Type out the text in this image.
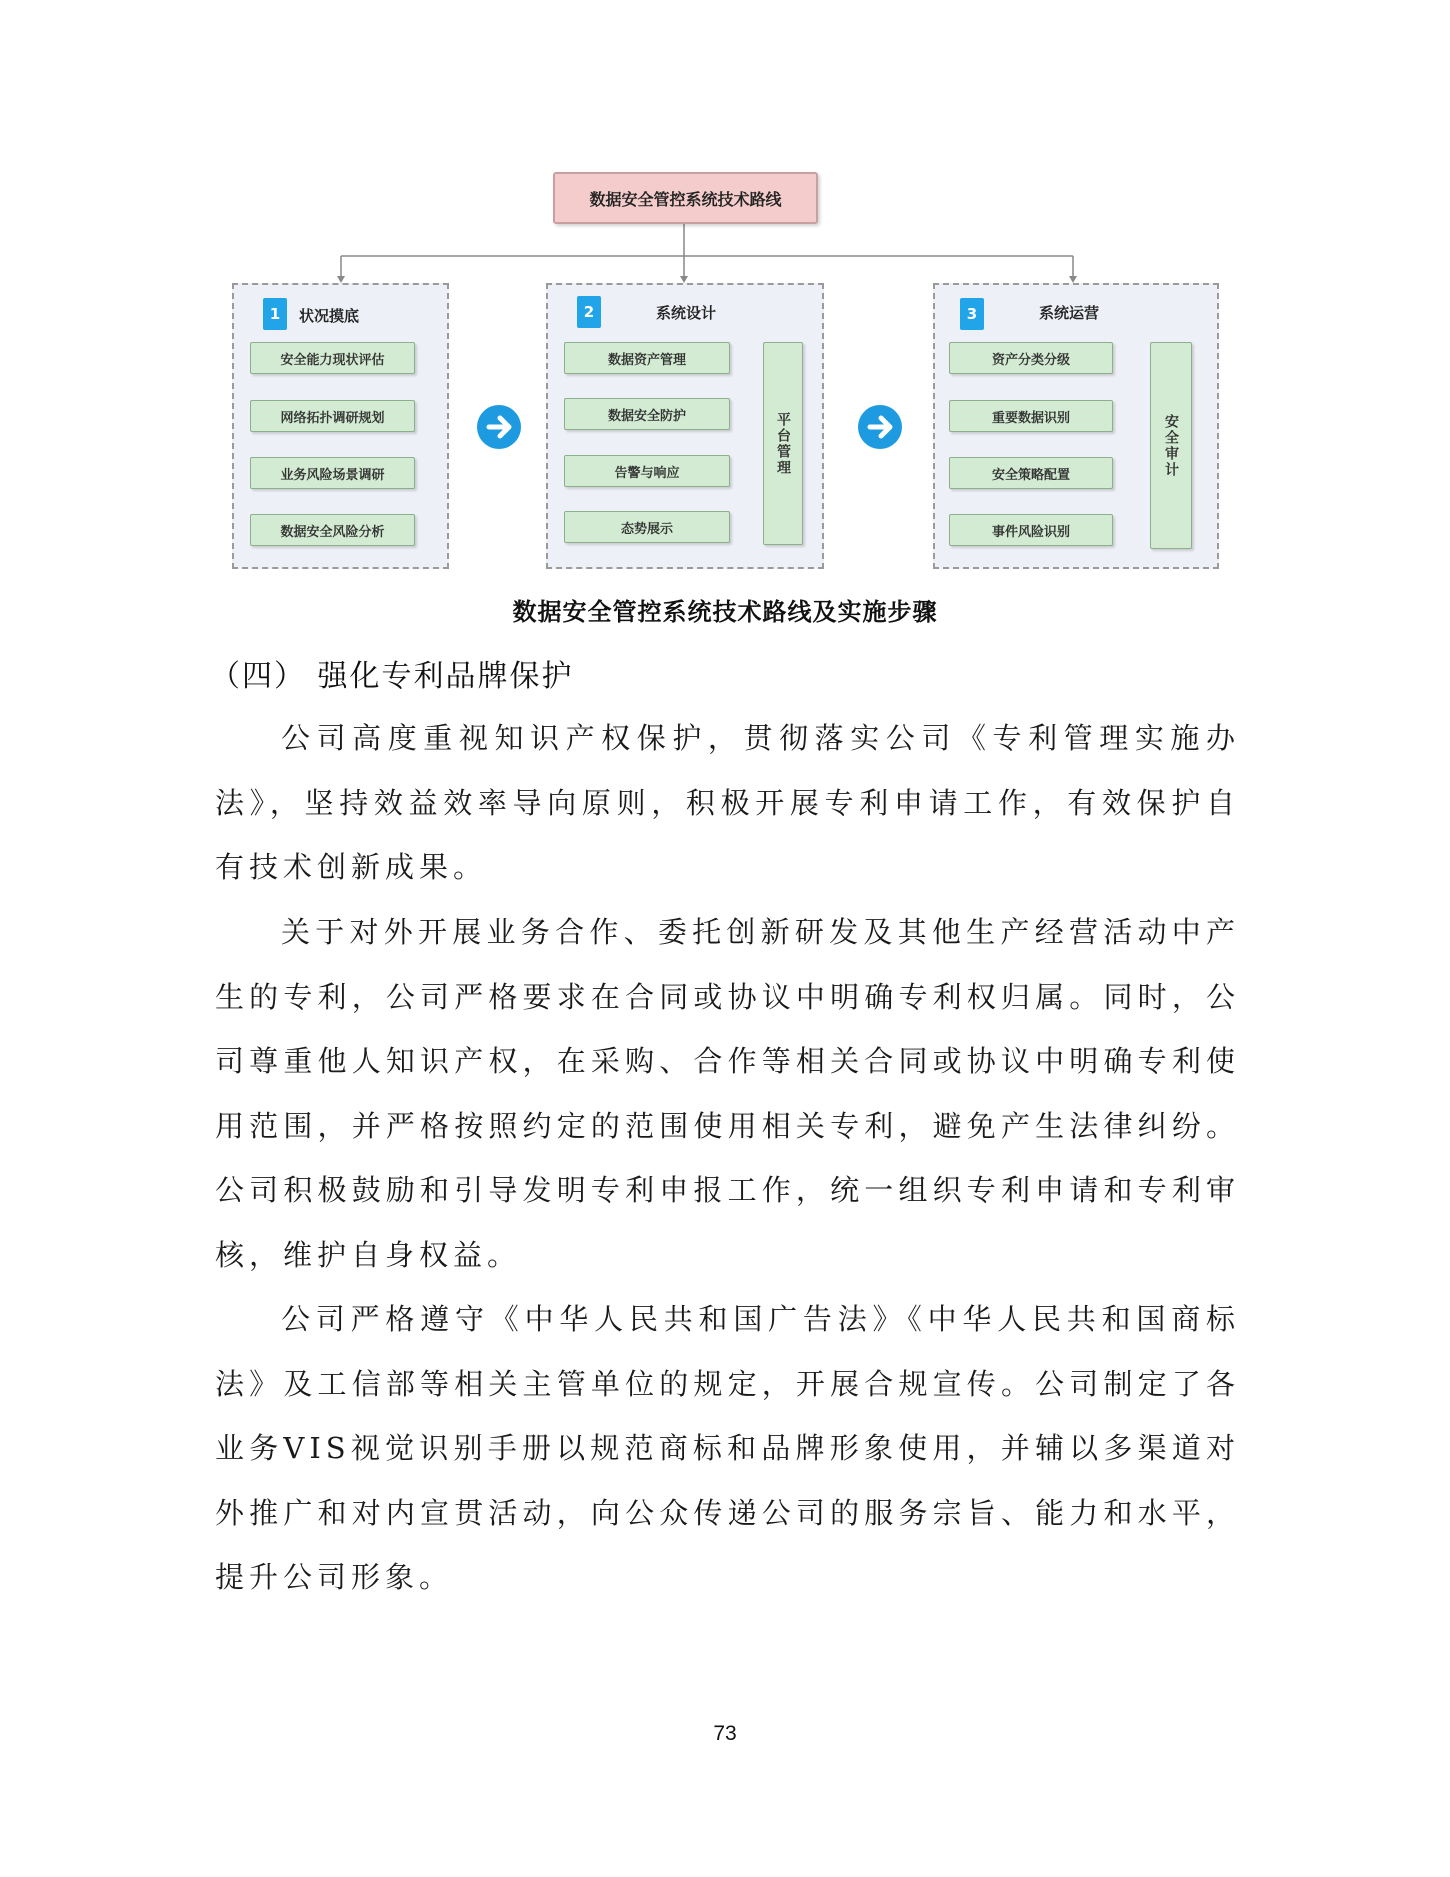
数据安全管控系统技术路线
1	状况摸底
安全能力现状评估
网络拓扑调研规划
业务风险场景调研
数据安全风险分析
2	系统设计
数据资产管理
数据安全防护
告警与响应
态势展示
平台管理
3	系统运营
资产分类分级
重要数据识别
安全策略配置
事件风险识别
安全审计
数据安全管控系统技术路线及实施步骤
（四） 强化专利品牌保护

公司高度重视知识产权保护，贯彻落实公司《专利管理实施办法》，坚持效益效率导向原则，积极开展专利申请工作，有效保护自有技术创新成果。

关于对外开展业务合作、委托创新研发及其他生产经营活动中产生的专利，公司严格要求在合同或协议中明确专利权归属。同时，公司尊重他人知识产权，在采购、合作等相关合同或协议中明确专利使用范围，并严格按照约定的范围使用相关专利，避免产生法律纠纷。公司积极鼓励和引导发明专利申报工作，统一组织专利申请和专利审核，维护自身权益。

公司严格遵守《中华人民共和国广告法》《中华人民共和国商标法》及工信部等相关主管单位的规定，开展合规宣传。公司制定了各业务VIS视觉识别手册以规范商标和品牌形象使用，并辅以多渠道对外推广和对内宣贯活动，向公众传递公司的服务宗旨、能力和水平，提升公司形象。

73
